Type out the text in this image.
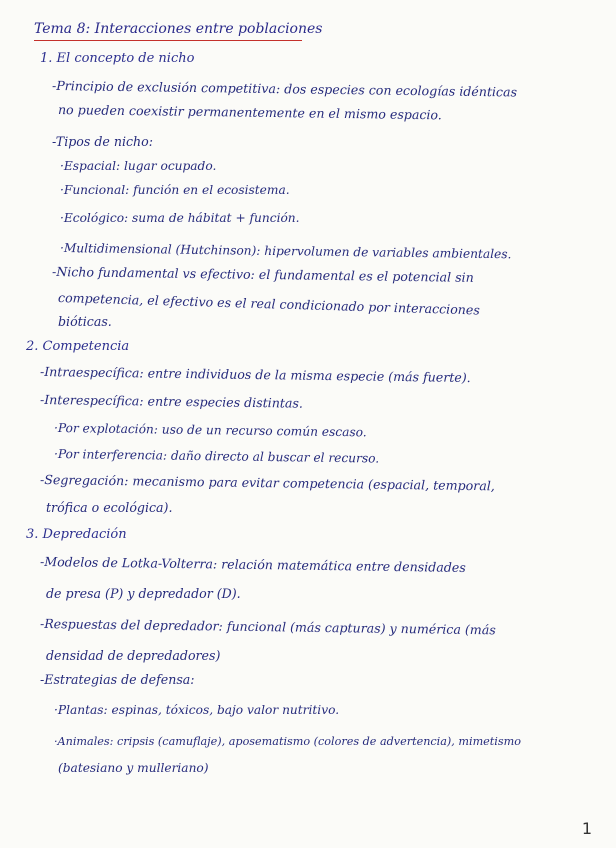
Tema 8: Interacciones entre poblaciones
1. El concepto de nicho
-Principio de exclusión competitiva: dos especies con ecologías idénticas
no pueden coexistir permanentemente en el mismo espacio.
-Tipos de nicho:
·Espacial: lugar ocupado.
·Funcional: función en el ecosistema.
·Ecológico: suma de hábitat + función.
·Multidimensional (Hutchinson): hipervolumen de variables ambientales.
-Nicho fundamental vs efectivo: el fundamental es el potencial sin
competencia, el efectivo es el real condicionado por interacciones
bióticas.
2. Competencia
-Intraespecífica: entre individuos de la misma especie (más fuerte).
-Interespecífica: entre especies distintas.
·Por explotación: uso de un recurso común escaso.
·Por interferencia: daño directo al buscar el recurso.
-Segregación: mecanismo para evitar competencia (espacial, temporal,
trófica o ecológica).
3. Depredación
-Modelos de Lotka-Volterra: relación matemática entre densidades
de presa (P) y depredador (D).
-Respuestas del depredador: funcional (más capturas) y numérica (más
densidad de depredadores)
-Estrategias de defensa:
·Plantas: espinas, tóxicos, bajo valor nutritivo.
·Animales: cripsis (camuflaje), aposematismo (colores de advertencia), mimetismo
(batesiano y mulleriano)
1
